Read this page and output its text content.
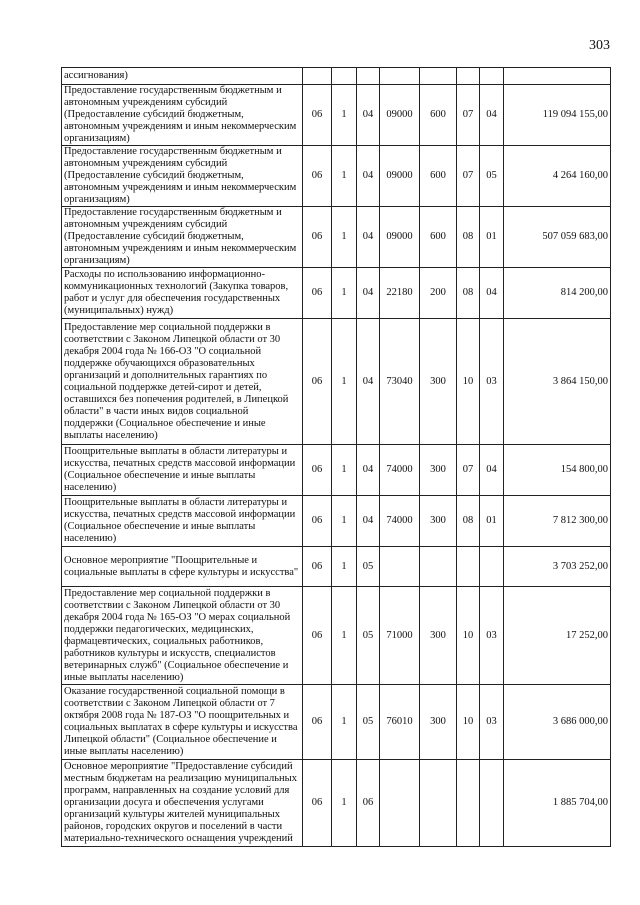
303
ассигнования)								
Предоставление государственным бюджетным и автономным учреждениям субсидий (Предоставление субсидий бюджетным, автономным учреждениям и иным некоммерческим организациям)	06	1	04	09000	600	07	04	119 094 155,00
Предоставление государственным бюджетным и автономным учреждениям субсидий (Предоставление субсидий бюджетным, автономным учреждениям и иным некоммерческим организациям)	06	1	04	09000	600	07	05	4 264 160,00
Предоставление государственным бюджетным и автономным учреждениям субсидий (Предоставление субсидий бюджетным, автономным учреждениям и иным некоммерческим организациям)	06	1	04	09000	600	08	01	507 059 683,00
Расходы по использованию информационно-коммуникационных технологий (Закупка товаров, работ и услуг для обеспечения государственных (муниципальных) нужд)	06	1	04	22180	200	08	04	814 200,00
Предоставление мер социальной поддержки в соответствии с Законом Липецкой области от 30 декабря 2004 года № 166-ОЗ "О социальной поддержке обучающихся образовательных организаций и дополнительных гарантиях по социальной поддержке детей-сирот и детей, оставшихся без попечения родителей, в Липецкой области" в части иных видов социальной поддержки (Социальное обеспечение и иные выплаты населению)	06	1	04	73040	300	10	03	3 864 150,00
Поощрительные выплаты в области литературы и искусства, печатных средств массовой информации (Социальное обеспечение и иные выплаты населению)	06	1	04	74000	300	07	04	154 800,00
Поощрительные выплаты в области литературы и искусства, печатных средств массовой информации (Социальное обеспечение и иные выплаты населению)	06	1	04	74000	300	08	01	7 812 300,00
Основное мероприятие "Поощрительные и социальные выплаты в сфере культуры и искусства"	06	1	05					3 703 252,00
Предоставление мер социальной поддержки в соответствии с Законом Липецкой области от 30 декабря 2004 года № 165-ОЗ "О мерах социальной поддержки педагогических, медицинских, фармацевтических, социальных работников, работников культуры и искусств, специалистов ветеринарных служб" (Социальное обеспечение и иные выплаты населению)	06	1	05	71000	300	10	03	17 252,00
Оказание государственной социальной помощи в соответствии с Законом Липецкой области от 7 октября 2008 года № 187-ОЗ "О поощрительных и социальных выплатах в сфере культуры и искусства Липецкой области" (Социальное обеспечение и иные выплаты населению)	06	1	05	76010	300	10	03	3 686 000,00
Основное мероприятие "Предоставление субсидий местным бюджетам на реализацию муниципальных программ, направленных на создание условий для организации досуга и обеспечения услугами организаций культуры жителей муниципальных районов, городских округов и поселений в части материально-технического оснащения учреждений	06	1	06					1 885 704,00
